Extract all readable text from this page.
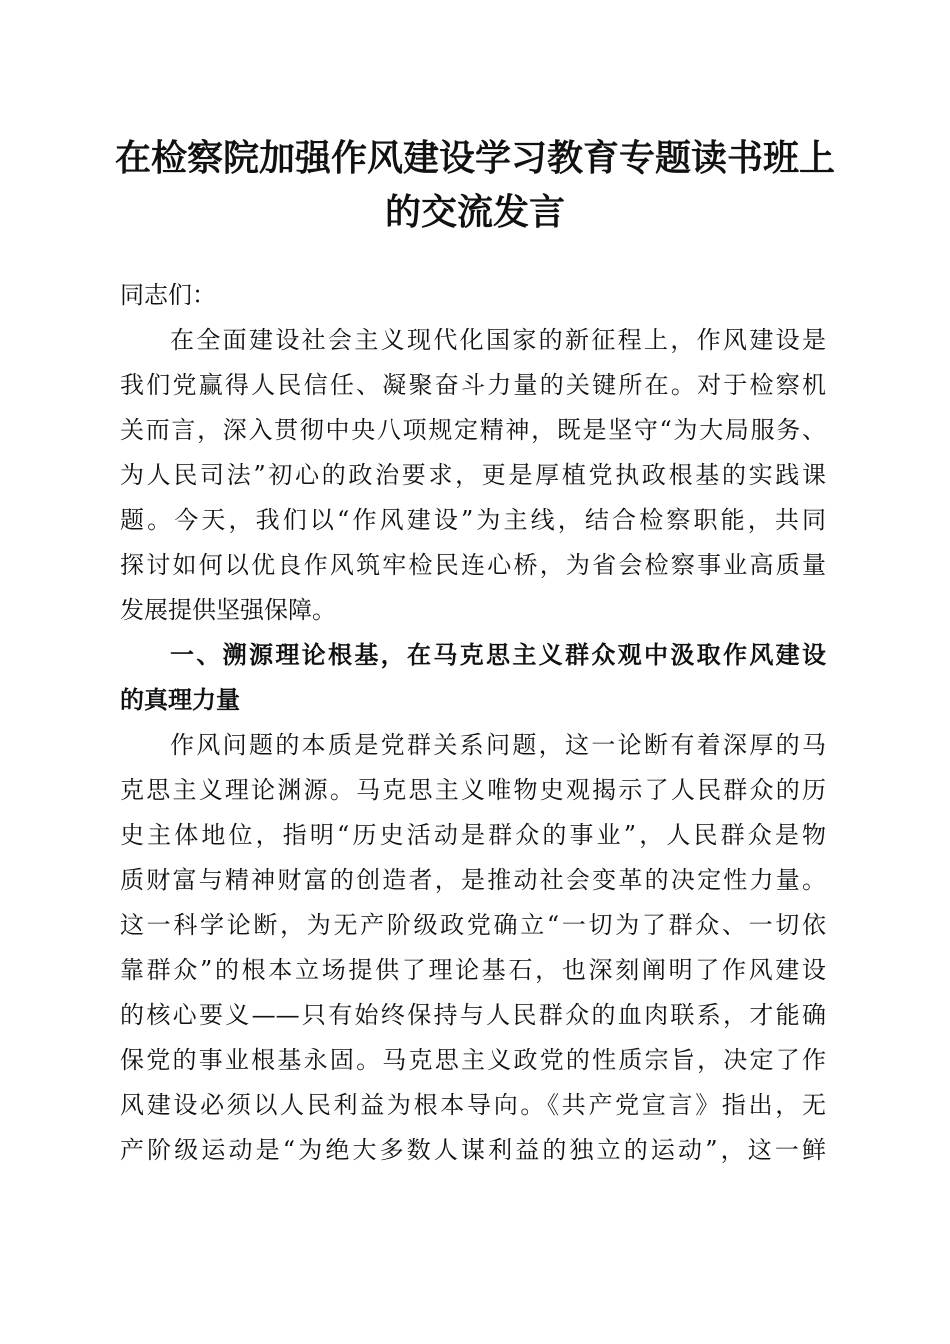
在检察院加强作风建设学习教育专题读书班上
的交流发言
同志们：
在全面建设社会主义现代化国家的新征程上，作风建设是
我们党赢得人民信任、凝聚奋斗力量的关键所在。对于检察机
关而言，深入贯彻中央八项规定精神，既是坚守“为大局服务、
为人民司法”初心的政治要求，更是厚植党执政根基的实践课
题。今天，我们以“作风建设”为主线，结合检察职能，共同
探讨如何以优良作风筑牢检民连心桥，为省会检察事业高质量
发展提供坚强保障。
一、溯源理论根基，在马克思主义群众观中汲取作风建设
的真理力量
作风问题的本质是党群关系问题，这一论断有着深厚的马
克思主义理论渊源。马克思主义唯物史观揭示了人民群众的历
史主体地位，指明“历史活动是群众的事业”，人民群众是物
质财富与精神财富的创造者，是推动社会变革的决定性力量。
这一科学论断，为无产阶级政党确立“一切为了群众、一切依
靠群众”的根本立场提供了理论基石，也深刻阐明了作风建设
的核心要义——只有始终保持与人民群众的血肉联系，才能确
保党的事业根基永固。马克思主义政党的性质宗旨，决定了作
风建设必须以人民利益为根本导向。《共产党宣言》指出，无
产阶级运动是“为绝大多数人谋利益的独立的运动”，这一鲜
